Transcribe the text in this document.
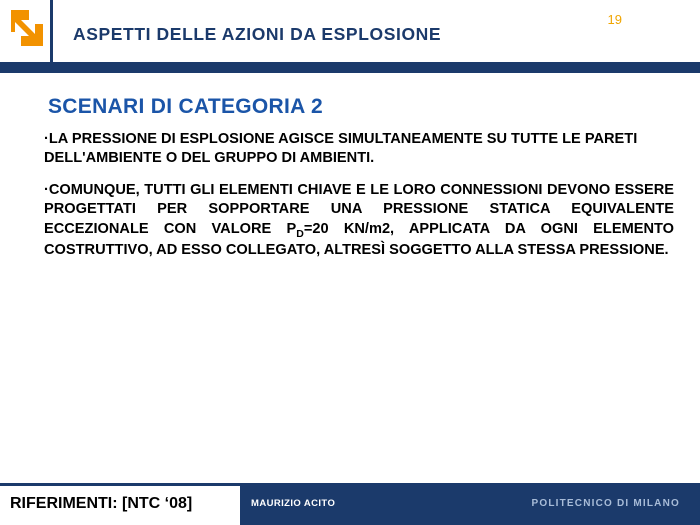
ASPETTI DELLE AZIONI DA ESPLOSIONE
19
SCENARI DI CATEGORIA 2
·LA PRESSIONE DI ESPLOSIONE AGISCE SIMULTANEAMENTE SU TUTTE LE PARETI DELL'AMBIENTE O DEL GRUPPO DI AMBIENTI.
·COMUNQUE, TUTTI GLI ELEMENTI CHIAVE E LE LORO CONNESSIONI DEVONO ESSERE PROGETTATI PER SOPPORTARE UNA PRESSIONE STATICA EQUIVALENTE ECCEZIONALE CON VALORE $P_D=20$ KN/m2, APPLICATA DA OGNI ELEMENTO COSTRUTTIVO, AD ESSO COLLEGATO, ALTRESÌ SOGGETTO ALLA STESSA PRESSIONE.
RIFERIMENTI: [NTC ‘08]	MAURIZIO ACITO	POLITECNICO DI MILANO
